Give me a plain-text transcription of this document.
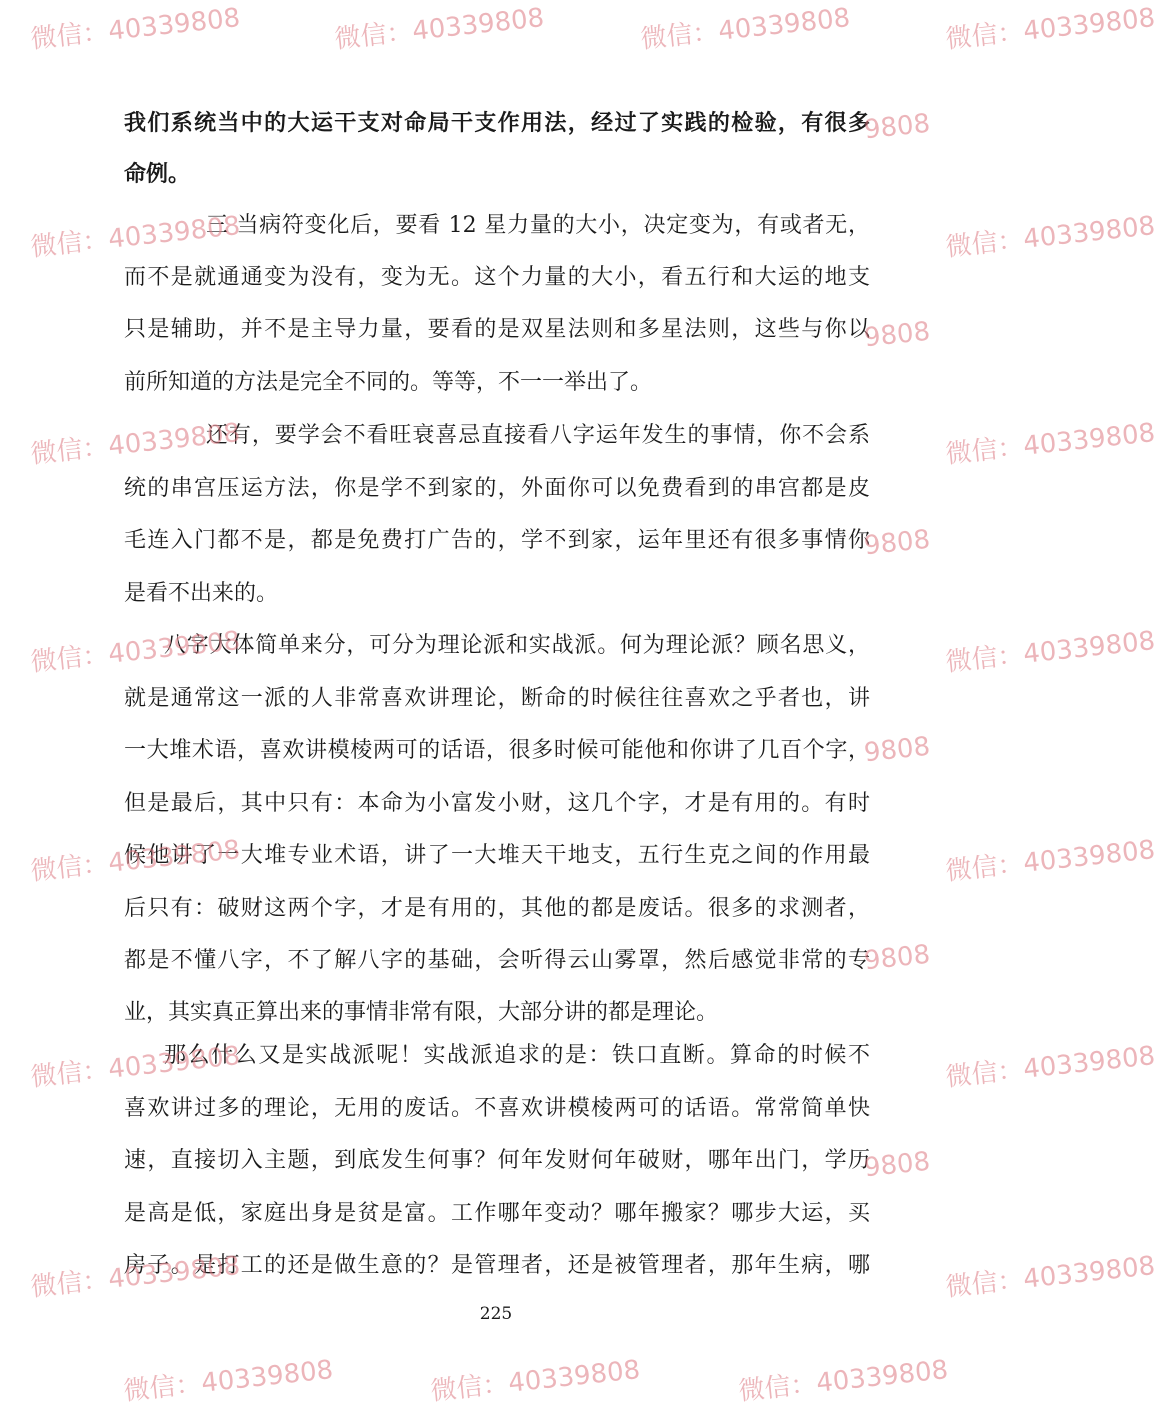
我们系统当中的大运干支对命局干支作用法，经过了实践的检验，有很多
命例。
三 当病符变化后，要看 12 星力量的大小，决定变为，有或者无，
而不是就通通变为没有，变为无。这个力量的大小，看五行和大运的地支
只是辅助，并不是主导力量，要看的是双星法则和多星法则，这些与你以
前所知道的方法是完全不同的。等等，不一一举出了。
还有，要学会不看旺衰喜忌直接看八字运年发生的事情，你不会系
统的串宫压运方法，你是学不到家的，外面你可以免费看到的串宫都是皮
毛连入门都不是，都是免费打广告的，学不到家，运年里还有很多事情你
是看不出来的。
八字大体简单来分，可分为理论派和实战派。何为理论派？顾名思义，
就是通常这一派的人非常喜欢讲理论，断命的时候往往喜欢之乎者也，讲
一大堆术语，喜欢讲模棱两可的话语，很多时候可能他和你讲了几百个字，
但是最后，其中只有：本命为小富发小财，这几个字，才是有用的。有时
候他讲了一大堆专业术语，讲了一大堆天干地支，五行生克之间的作用最
后只有：破财这两个字，才是有用的，其他的都是废话。很多的求测者，
都是不懂八字，不了解八字的基础，会听得云山雾罩，然后感觉非常的专
业，其实真正算出来的事情非常有限，大部分讲的都是理论。
那么什么又是实战派呢！实战派追求的是：铁口直断。算命的时候不
喜欢讲过多的理论，无用的废话。不喜欢讲模棱两可的话语。常常简单快
速，直接切入主题，到底发生何事？何年发财何年破财，哪年出门，学历
是高是低，家庭出身是贫是富。工作哪年变动？哪年搬家？哪步大运，买
房子。是打工的还是做生意的？是管理者，还是被管理者，那年生病，哪
225
微信：40339808	微信：40339808	微信：40339808	微信：40339808
微信：40339808	微信：40339808
9808
9808
微信：40339808	微信：40339808
9808
微信：40339808	微信：40339808
9808
微信：40339808	微信：40339808
9808
微信：40339808	微信：40339808
9808
微信：40339808	微信：40339808
微信：40339808	微信：40339808	微信：40339808
